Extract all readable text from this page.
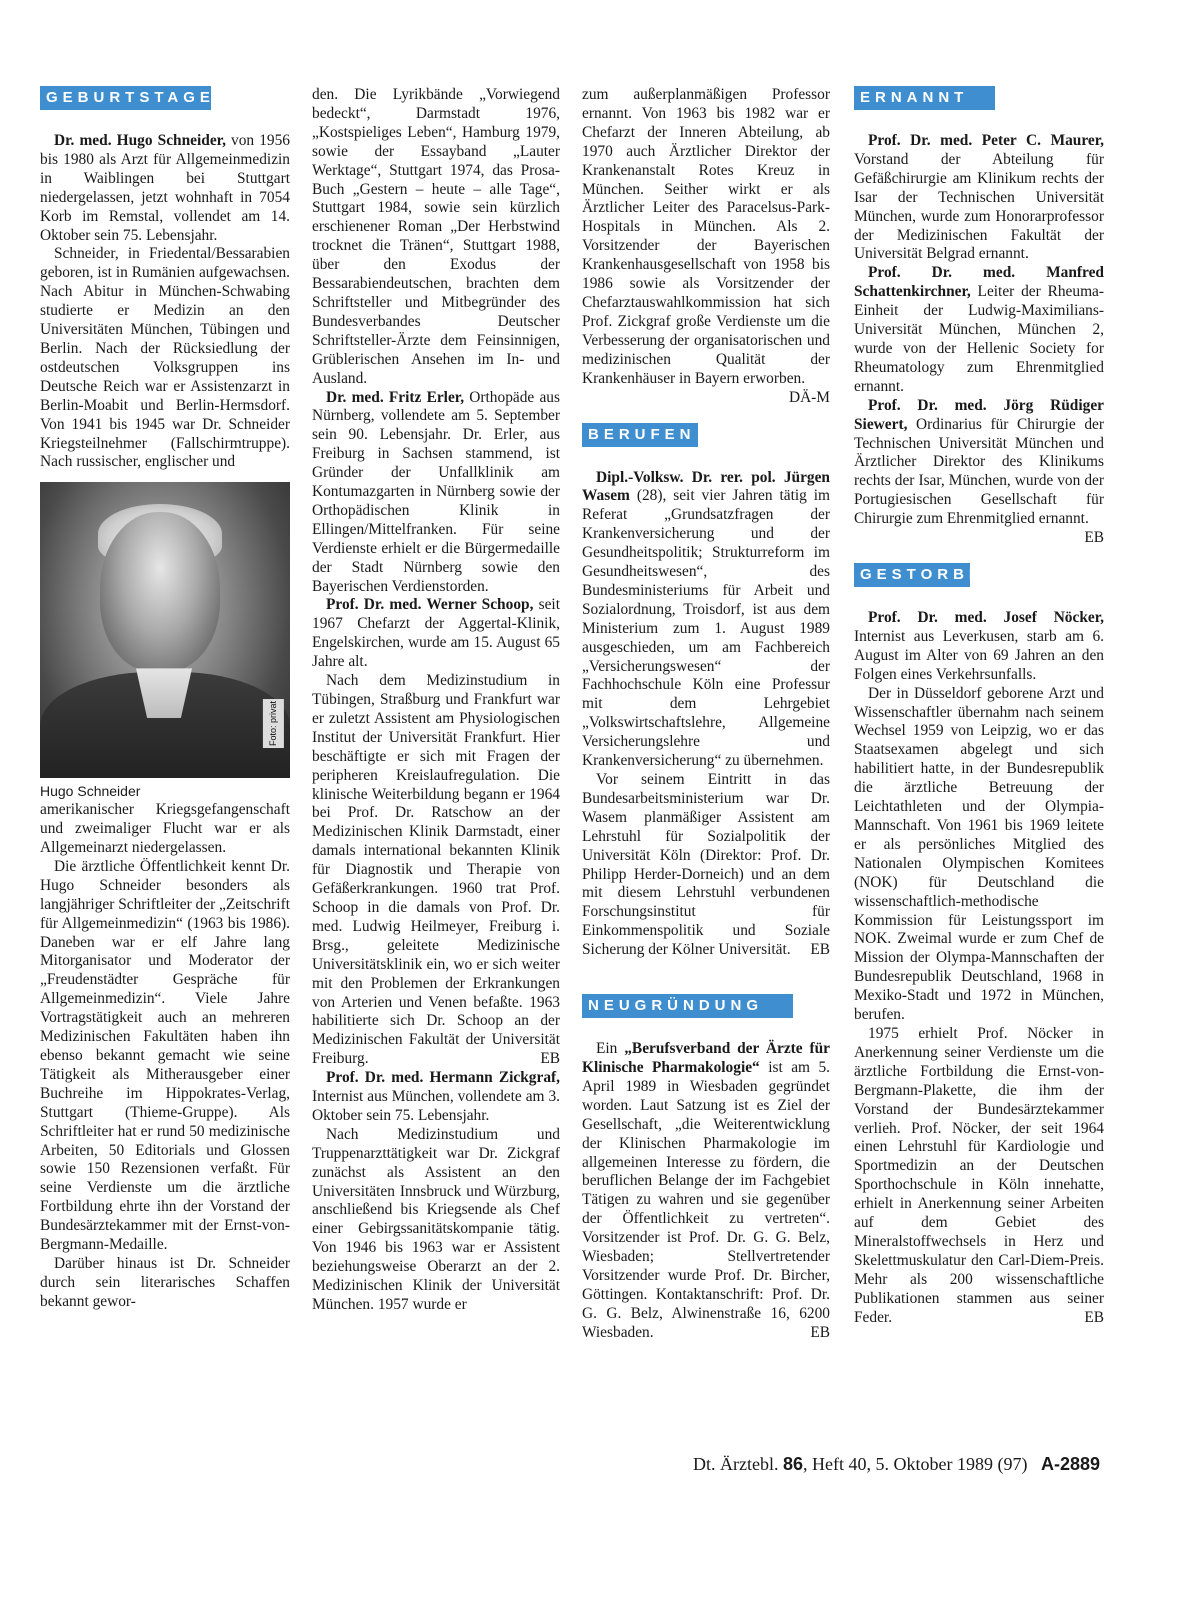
GEBURTSTAGE

Dr. med. Hugo Schneider, von 1956 bis 1980 als Arzt für Allgemeinmedizin in Waiblingen bei Stuttgart niedergelassen, jetzt wohnhaft in 7054 Korb im Remstal, vollendet am 14. Oktober sein 75. Lebensjahr.

Schneider, in Friedental/Bessarabien geboren, ist in Rumänien aufgewachsen. Nach Abitur in München-Schwabing studierte er Medizin an den Universitäten München, Tübingen und Berlin. Nach der Rücksiedlung der ostdeutschen Volksgruppen ins Deutsche Reich war er Assistenzarzt in Berlin-Moabit und Berlin-Hermsdorf. Von 1941 bis 1945 war Dr. Schneider Kriegsteilnehmer (Fallschirmtruppe). Nach russischer, englischer und

Foto: privat

Hugo Schneider

amerikanischer Kriegsgefangenschaft und zweimaliger Flucht war er als Allgemeinarzt niedergelassen.

Die ärztliche Öffentlichkeit kennt Dr. Hugo Schneider besonders als langjähriger Schriftleiter der „Zeitschrift für Allgemeinmedizin“ (1963 bis 1986). Daneben war er elf Jahre lang Mitorganisator und Moderator der „Freudenstädter Gespräche für Allgemeinmedizin“. Viele Jahre Vortragstätigkeit auch an mehreren Medizinischen Fakultäten haben ihn ebenso bekannt gemacht wie seine Tätigkeit als Mitherausgeber einer Buchreihe im Hippokrates-Verlag, Stuttgart (Thieme-Gruppe). Als Schriftleiter hat er rund 50 medizinische Arbeiten, 50 Editorials und Glossen sowie 150 Rezensionen verfaßt. Für seine Verdienste um die ärztliche Fortbildung ehrte ihn der Vorstand der Bundesärztekammer mit der Ernst-von-Bergmann-Medaille.

Darüber hinaus ist Dr. Schneider durch sein literarisches Schaffen bekannt gewor-

den. Die Lyrikbände „Vorwiegend bedeckt“, Darmstadt 1976, „Kostspieliges Leben“, Hamburg 1979, sowie der Essayband „Lauter Werktage“, Stuttgart 1974, das Prosa-Buch „Gestern – heute – alle Tage“, Stuttgart 1984, sowie sein kürzlich erschienener Roman „Der Herbstwind trocknet die Tränen“, Stuttgart 1988, über den Exodus der Bessarabiendeutschen, brachten dem Schriftsteller und Mitbegründer des Bundesverbandes Deutscher Schriftsteller-Ärzte dem Feinsinnigen, Grüblerischen Ansehen im In- und Ausland.

Dr. med. Fritz Erler, Orthopäde aus Nürnberg, vollendete am 5. September sein 90. Lebensjahr. Dr. Erler, aus Freiburg in Sachsen stammend, ist Gründer der Unfallklinik am Kontumazgarten in Nürnberg sowie der Orthopädischen Klinik in Ellingen/Mittelfranken. Für seine Verdienste erhielt er die Bürgermedaille der Stadt Nürnberg sowie den Bayerischen Verdienstorden.

Prof. Dr. med. Werner Schoop, seit 1967 Chefarzt der Aggertal-Klinik, Engelskirchen, wurde am 15. August 65 Jahre alt.

Nach dem Medizinstudium in Tübingen, Straßburg und Frankfurt war er zuletzt Assistent am Physiologischen Institut der Universität Frankfurt. Hier beschäftigte er sich mit Fragen der peripheren Kreislaufregulation. Die klinische Weiterbildung begann er 1964 bei Prof. Dr. Ratschow an der Medizinischen Klinik Darmstadt, einer damals international bekannten Klinik für Diagnostik und Therapie von Gefäßerkrankungen. 1960 trat Prof. Schoop in die damals von Prof. Dr. med. Ludwig Heilmeyer, Freiburg i. Brsg., geleitete Medizinische Universitätsklinik ein, wo er sich weiter mit den Problemen der Erkrankungen von Arterien und Venen befaßte. 1963 habilitierte sich Dr. Schoop an der Medizinischen Fakultät der Universität Freiburg.	EB

Prof. Dr. med. Hermann Zickgraf, Internist aus München, vollendete am 3. Oktober sein 75. Lebensjahr.

Nach Medizinstudium und Truppenarzttätigkeit war Dr. Zickgraf zunächst als Assistent an den Universitäten Innsbruck und Würzburg, anschließend bis Kriegsende als Chef einer Gebirgssanitätskompanie tätig. Von 1946 bis 1963 war er Assistent beziehungsweise Oberarzt an der 2. Medizinischen Klinik der Universität München. 1957 wurde er

zum außerplanmäßigen Professor ernannt. Von 1963 bis 1982 war er Chefarzt der Inneren Abteilung, ab 1970 auch Ärztlicher Direktor der Krankenanstalt Rotes Kreuz in München. Seither wirkt er als Ärztlicher Leiter des Paracelsus-Park-Hospitals in München. Als 2. Vorsitzender der Bayerischen Krankenhausgesellschaft von 1958 bis 1986 sowie als Vorsitzender der Chefarztauswahlkommission hat sich Prof. Zickgraf große Verdienste um die Verbesserung der organisatorischen und medizinischen Qualität der Krankenhäuser in Bayern erworben.
DÄ-M

BERUFEN

Dipl.-Volksw. Dr. rer. pol. Jürgen Wasem (28), seit vier Jahren tätig im Referat „Grundsatzfragen der Krankenversicherung und der Gesundheitspolitik; Strukturreform im Gesundheitswesen“, des Bundesministeriums für Arbeit und Sozialordnung, Troisdorf, ist aus dem Ministerium zum 1. August 1989 ausgeschieden, um am Fachbereich „Versicherungswesen“ der Fachhochschule Köln eine Professur mit dem Lehrgebiet „Volkswirtschaftslehre, Allgemeine Versicherungslehre und Krankenversicherung“ zu übernehmen.

Vor seinem Eintritt in das Bundesarbeitsministerium war Dr. Wasem planmäßiger Assistent am Lehrstuhl für Sozialpolitik der Universität Köln (Direktor: Prof. Dr. Philipp Herder-Dorneich) und an dem mit diesem Lehrstuhl verbundenen Forschungsinstitut für Einkommenspolitik und Soziale Sicherung der Kölner Universität.	EB

NEUGRÜNDUNG

Ein „Berufsverband der Ärzte für Klinische Pharmakologie“ ist am 5. April 1989 in Wiesbaden gegründet worden. Laut Satzung ist es Ziel der Gesellschaft, „die Weiterentwicklung der Klinischen Pharmakologie im allgemeinen Interesse zu fördern, die beruflichen Belange der im Fachgebiet Tätigen zu wahren und sie gegenüber der Öffentlichkeit zu vertreten“. Vorsitzender ist Prof. Dr. G. G. Belz, Wiesbaden; Stellvertretender Vorsitzender wurde Prof. Dr. Bircher, Göttingen. Kontaktanschrift: Prof. Dr. G. G. Belz, Alwinenstraße 16, 6200 Wiesbaden.	EB

ERNANNT

Prof. Dr. med. Peter C. Maurer, Vorstand der Abteilung für Gefäßchirurgie am Klinikum rechts der Isar der Technischen Universität München, wurde zum Honorarprofessor der Medizinischen Fakultät der Universität Belgrad ernannt.

Prof. Dr. med. Manfred Schattenkirchner, Leiter der Rheuma-Einheit der Ludwig-Maximilians-Universität München, München 2, wurde von der Hellenic Society for Rheumatology zum Ehrenmitglied ernannt.

Prof. Dr. med. Jörg Rüdiger Siewert, Ordinarius für Chirurgie der Technischen Universität München und Ärztlicher Direktor des Klinikums rechts der Isar, München, wurde von der Portugiesischen Gesellschaft für Chirurgie zum Ehrenmitglied ernannt.
EB

GESTORBEN

Prof. Dr. med. Josef Nöcker, Internist aus Leverkusen, starb am 6. August im Alter von 69 Jahren an den Folgen eines Verkehrsunfalls.

Der in Düsseldorf geborene Arzt und Wissenschaftler übernahm nach seinem Wechsel 1959 von Leipzig, wo er das Staatsexamen abgelegt und sich habilitiert hatte, in der Bundesrepublik die ärztliche Betreuung der Leichtathleten und der Olympia-Mannschaft. Von 1961 bis 1969 leitete er als persönliches Mitglied des Nationalen Olympischen Komitees (NOK) für Deutschland die wissenschaftlich-methodische Kommission für Leistungssport im NOK. Zweimal wurde er zum Chef de Mission der Olympa-Mannschaften der Bundesrepublik Deutschland, 1968 in Mexiko-Stadt und 1972 in München, berufen.

1975 erhielt Prof. Nöcker in Anerkennung seiner Verdienste um die ärztliche Fortbildung die Ernst-von-Bergmann-Plakette, die ihm der Vorstand der Bundesärztekammer verlieh. Prof. Nöcker, der seit 1964 einen Lehrstuhl für Kardiologie und Sportmedizin an der Deutschen Sporthochschule in Köln innehatte, erhielt in Anerkennung seiner Arbeiten auf dem Gebiet des Mineralstoffwechsels in Herz und Skelettmuskulatur den Carl-Diem-Preis. Mehr als 200 wissenschaftliche Publikationen stammen aus seiner Feder.	EB

Dt. Ärztebl. 86, Heft 40, 5. Oktober 1989 (97) A-2889
